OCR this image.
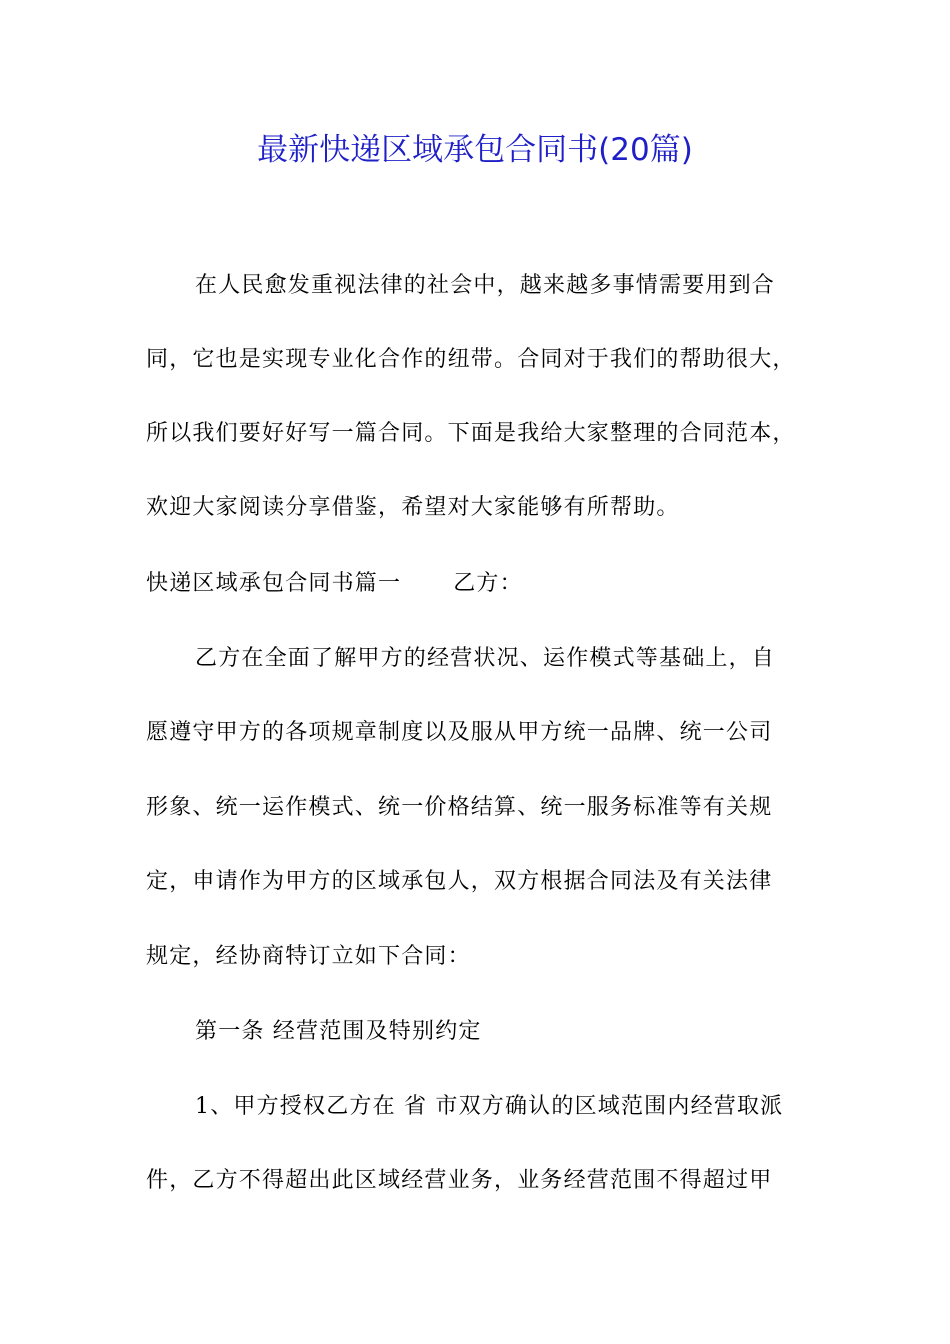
最新快递区域承包合同书(20篇)
在人民愈发重视法律的社会中，越来越多事情需要用到合
同，它也是实现专业化合作的纽带。合同对于我们的帮助很大，
所以我们要好好写一篇合同。下面是我给大家整理的合同范本，
欢迎大家阅读分享借鉴，希望对大家能够有所帮助。
快递区域承包合同书篇一 乙方：
乙方在全面了解甲方的经营状况、运作模式等基础上，自
愿遵守甲方的各项规章制度以及服从甲方统一品牌、统一公司
形象、统一运作模式、统一价格结算、统一服务标准等有关规
定，申请作为甲方的区域承包人，双方根据合同法及有关法律
规定，经协商特订立如下合同：
第一条 经营范围及特别约定
1、甲方授权乙方在 省 市双方确认的区域范围内经营取派
件，乙方不得超出此区域经营业务，业务经营范围不得超过甲
